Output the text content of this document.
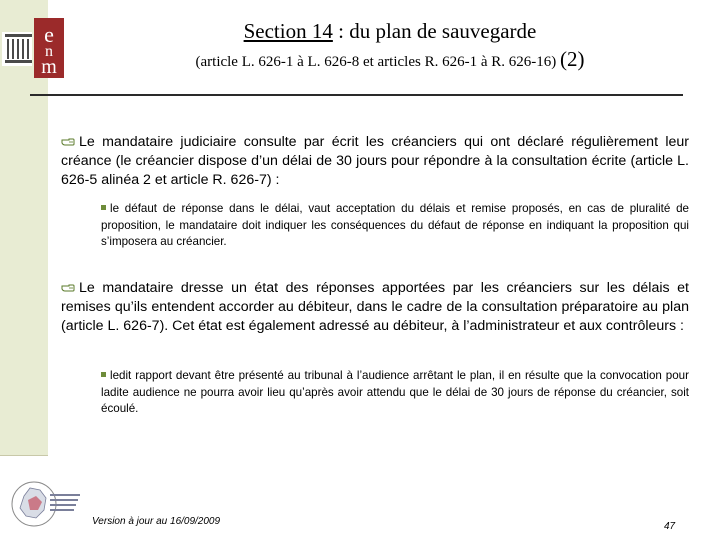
e
n
m
Section 14 : du plan de sauvegarde
(article L. 626-1 à L. 626-8 et articles R. 626-1 à R. 626-16) (2)
Le mandataire judiciaire consulte par écrit les créanciers qui ont déclaré régulièrement leur créance (le créancier dispose d’un délai de 30 jours pour répondre à la consultation écrite (article L. 626-5 alinéa 2 et article R. 626-7) :
le défaut de réponse dans le délai, vaut acceptation du délais et remise proposés, en cas de pluralité de proposition, le mandataire doit indiquer les conséquences du défaut de réponse en indiquant la proposition qui s’imposera au créancier.
Le mandataire dresse un état des réponses apportées par les créanciers sur les délais et remises qu’ils entendent accorder au débiteur, dans le cadre de la consultation préparatoire au plan (article L. 626-7). Cet état est également adressé au débiteur, à l’administrateur et aux contrôleurs :
ledit rapport devant être présenté au tribunal à l’audience arrêtant le plan, il en résulte que la convocation pour ladite audience ne pourra avoir lieu qu’après avoir attendu que le délai de 30 jours de réponse du créancier, soit écoulé.
Version à jour au 16/09/2009	47
